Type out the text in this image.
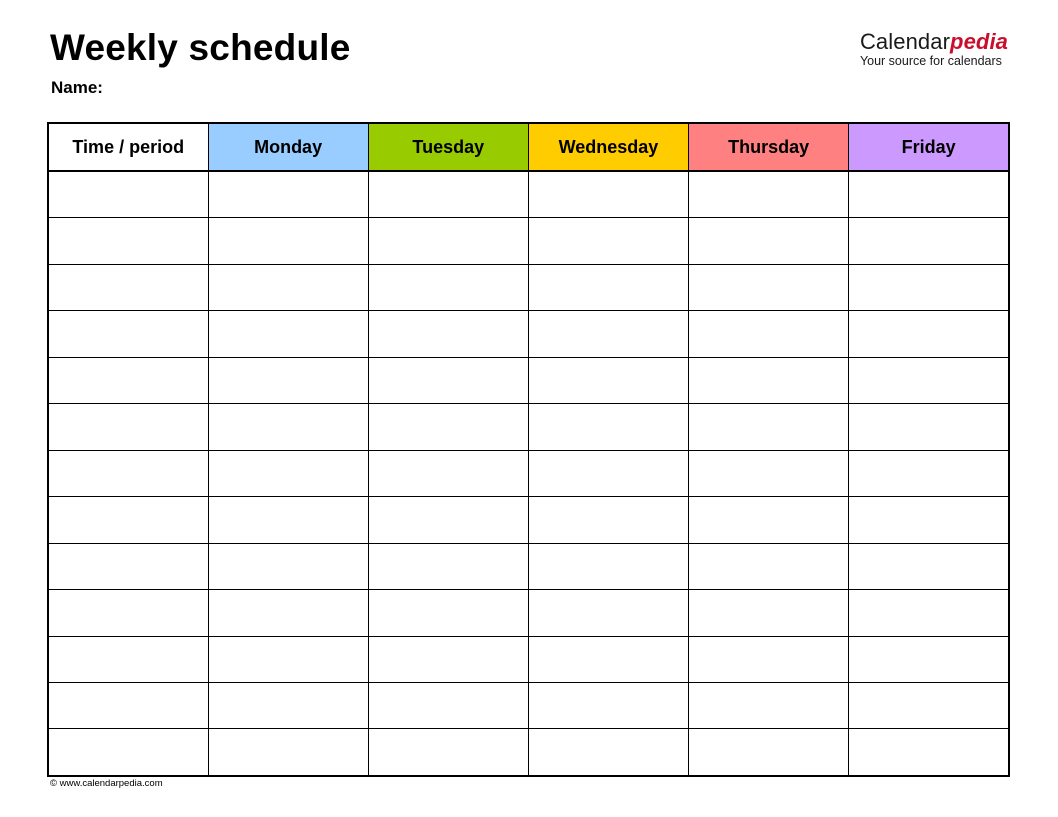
Weekly schedule
Name:
Calendarpedia
Your source for calendars
Time / period	Monday	Tuesday	Wednesday	Thursday	Friday

© www.calendarpedia.com
